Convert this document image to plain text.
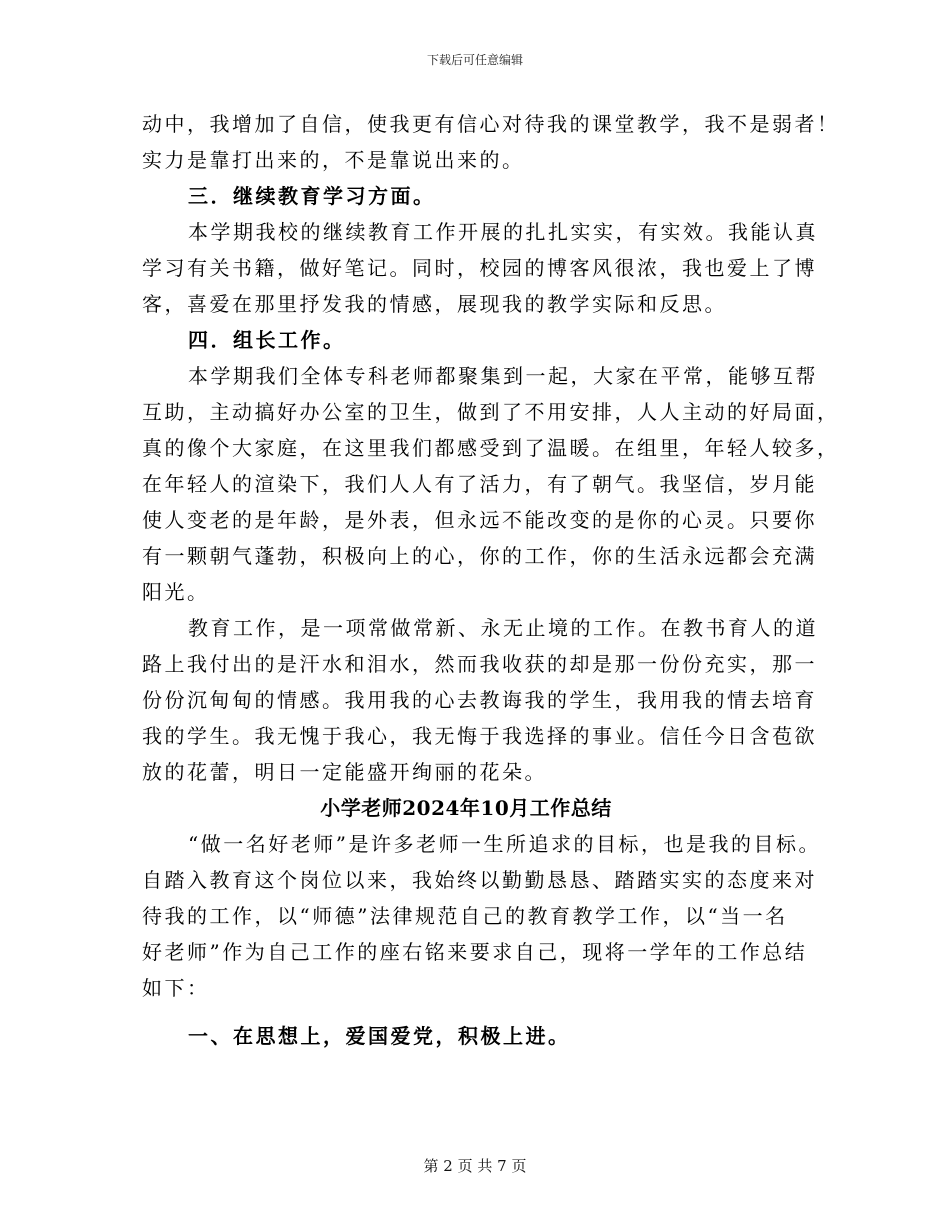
下载后可任意编辑
动中，我增加了自信，使我更有信心对待我的课堂教学，我不是弱者！
实力是靠打出来的，不是靠说出来的。
三．继续教育学习方面。
本学期我校的继续教育工作开展的扎扎实实，有实效。我能认真
学习有关书籍，做好笔记。同时，校园的博客风很浓，我也爱上了博
客，喜爱在那里抒发我的情感，展现我的教学实际和反思。
四．组长工作。
本学期我们全体专科老师都聚集到一起，大家在平常，能够互帮
互助，主动搞好办公室的卫生，做到了不用安排，人人主动的好局面，
真的像个大家庭，在这里我们都感受到了温暖。在组里，年轻人较多，
在年轻人的渲染下，我们人人有了活力，有了朝气。我坚信，岁月能
使人变老的是年龄，是外表，但永远不能改变的是你的心灵。只要你
有一颗朝气蓬勃，积极向上的心，你的工作，你的生活永远都会充满
阳光。
教育工作，是一项常做常新、永无止境的工作。在教书育人的道
路上我付出的是汗水和泪水，然而我收获的却是那一份份充实，那一
份份沉甸甸的情感。我用我的心去教诲我的学生，我用我的情去培育
我的学生。我无愧于我心，我无悔于我选择的事业。信任今日含苞欲
放的花蕾，明日一定能盛开绚丽的花朵。
小学老师2024年10月工作总结
“做一名好老师”是许多老师一生所追求的目标，也是我的目标。
自踏入教育这个岗位以来，我始终以勤勤恳恳、踏踏实实的态度来对
待我的工作，以“师德”法律规范自己的教育教学工作，以“当一名
好老师”作为自己工作的座右铭来要求自己，现将一学年的工作总结
如下：
一、在思想上，爱国爱党，积极上进。
第 2 页 共 7 页
